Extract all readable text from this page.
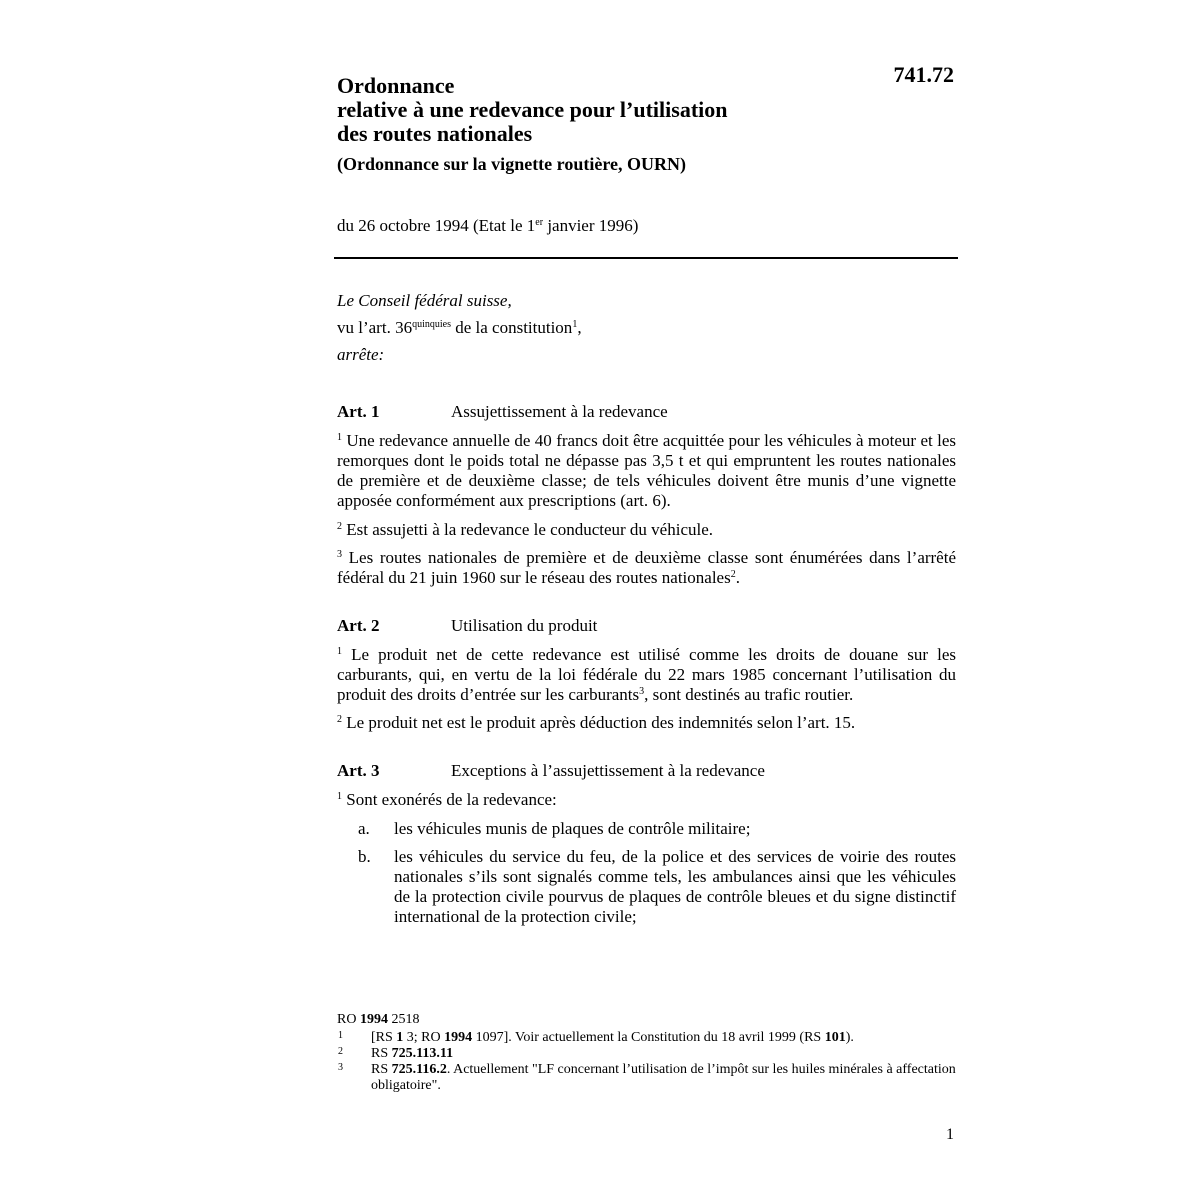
Ordonnance
relative à une redevance pour l’utilisation
des routes nationales
(Ordonnance sur la vignette routière, OURN)
741.72
du 26 octobre 1994 (Etat le 1er janvier 1996)
Le Conseil fédéral suisse,
vu l’art. $36^{quinquies}$ de la constitution$^1$,
arrête:
Art. 1	Assujettissement à la redevance
$^1$ Une redevance annuelle de 40 francs doit être acquittée pour les véhicules à moteur et les remorques dont le poids total ne dépasse pas 3,5 t et qui empruntent les routes nationales de première et de deuxième classe; de tels véhicules doivent être munis d’une vignette apposée conformément aux prescriptions (art. 6).
$^2$ Est assujetti à la redevance le conducteur du véhicule.
$^3$ Les routes nationales de première et de deuxième classe sont énumérées dans l’arrêté fédéral du 21 juin 1960 sur le réseau des routes nationales$^2$.
Art. 2	Utilisation du produit
$^1$ Le produit net de cette redevance est utilisé comme les droits de douane sur les carburants, qui, en vertu de la loi fédérale du 22 mars 1985 concernant l’utilisation du produit des droits d’entrée sur les carburants$^3$, sont destinés au trafic routier.
$^2$ Le produit net est le produit après déduction des indemnités selon l’art. 15.
Art. 3	Exceptions à l’assujettissement à la redevance
$^1$ Sont exonérés de la redevance:
a. les véhicules munis de plaques de contrôle militaire;
b. les véhicules du service du feu, de la police et des services de voirie des routes nationales s’ils sont signalés comme tels, les ambulances ainsi que les véhicules de la protection civile pourvus de plaques de contrôle bleues et du signe distinctif international de la protection civile;
RO 1994 2518
1 [RS 1 3; RO 1994 1097]. Voir actuellement la Constitution du 18 avril 1999 (RS 101).
2 RS 725.113.11
3 RS 725.116.2. Actuellement "LF concernant l’utilisation de l’impôt sur les huiles minérales à affectation obligatoire".
1
